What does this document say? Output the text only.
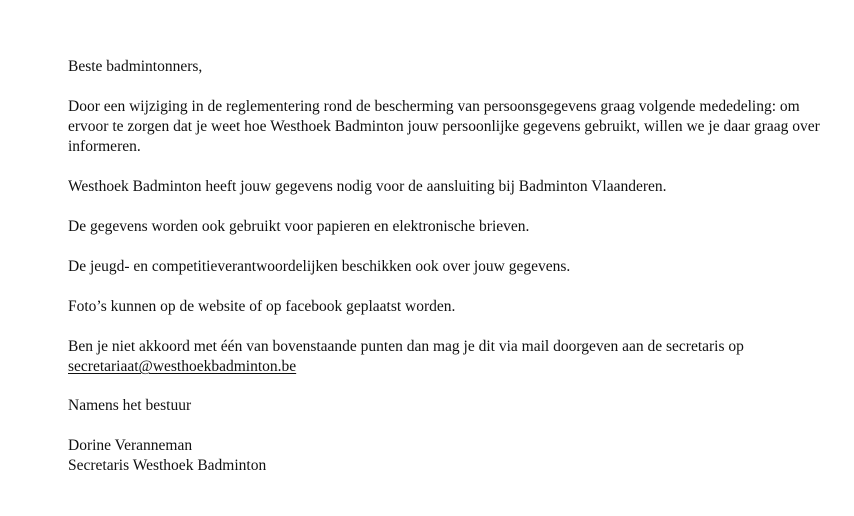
Beste badmintonners,

Door een wijziging in de reglementering rond de bescherming van persoonsgegevens graag volgende mededeling: om ervoor te zorgen dat je weet hoe Westhoek Badminton jouw persoonlijke gegevens gebruikt, willen we je daar graag over informeren.

Westhoek Badminton heeft jouw gegevens nodig voor de aansluiting bij Badminton Vlaanderen.

De gegevens worden ook gebruikt voor papieren en elektronische brieven.

De jeugd- en competitieverantwoordelijken beschikken ook over jouw gegevens.

Foto’s kunnen op de website of op facebook geplaatst worden.

Ben je niet akkoord met één van bovenstaande punten dan mag je dit via mail doorgeven aan de secretaris op secretariaat@westhoekbadminton.be

Namens het bestuur

Dorine Veranneman
Secretaris Westhoek Badminton
